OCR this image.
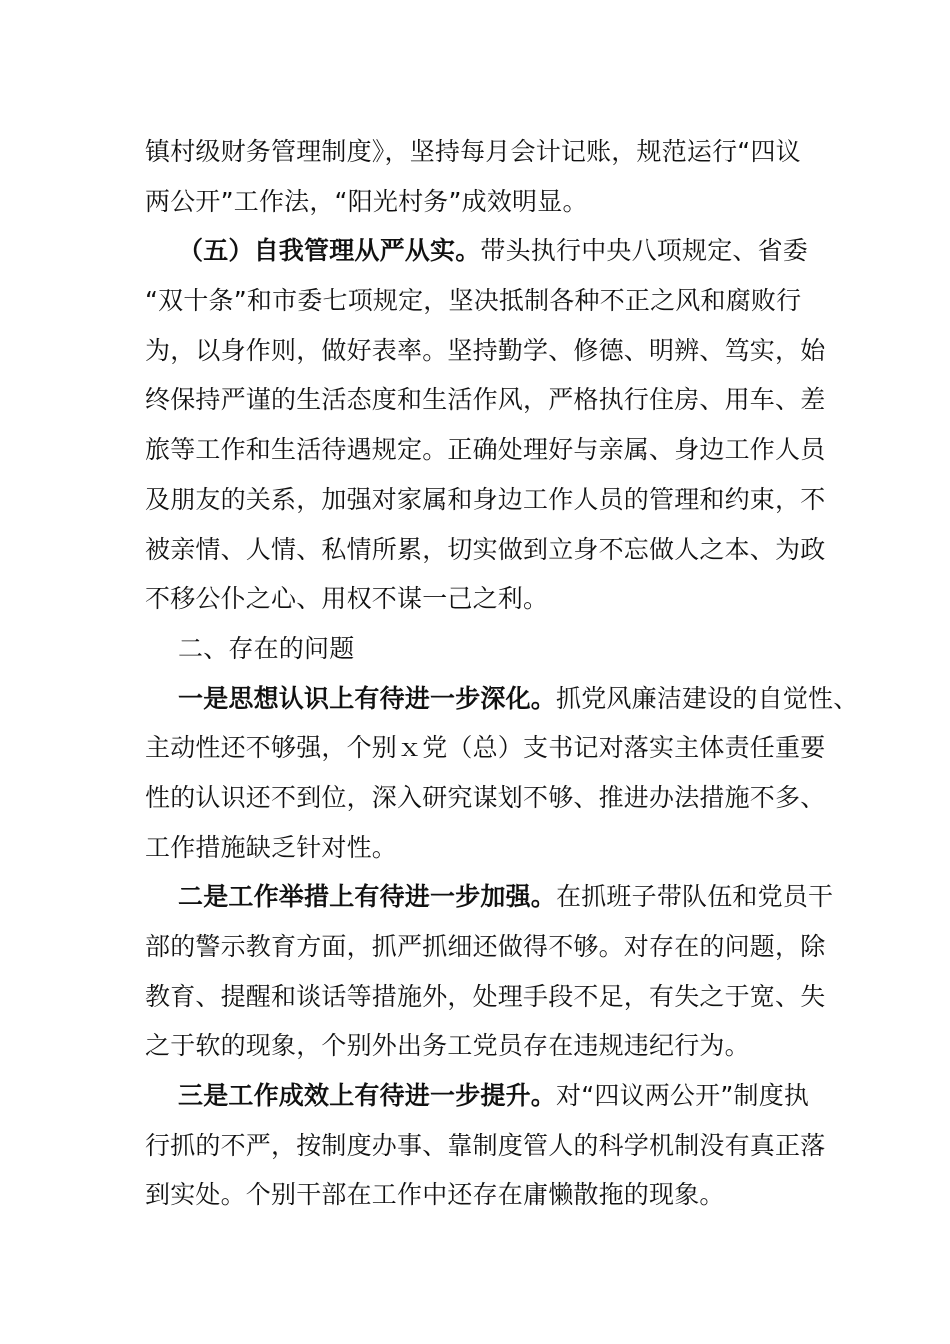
镇村级财务管理制度》，坚持每月会计记账，规范运行“四议
两公开”工作法，“阳光村务”成效明显。
（五）自我管理从严从实。带头执行中央八项规定、省委
“双十条”和市委七项规定，坚决抵制各种不正之风和腐败行
为，以身作则，做好表率。坚持勤学、修德、明辨、笃实，始
终保持严谨的生活态度和生活作风，严格执行住房、用车、差
旅等工作和生活待遇规定。正确处理好与亲属、身边工作人员
及朋友的关系，加强对家属和身边工作人员的管理和约束，不
被亲情、人情、私情所累，切实做到立身不忘做人之本、为政
不移公仆之心、用权不谋一己之利。
二、存在的问题
一是思想认识上有待进一步深化。抓党风廉洁建设的自觉性、
主动性还不够强，个别ｘ党（总）支书记对落实主体责任重要
性的认识还不到位，深入研究谋划不够、推进办法措施不多、
工作措施缺乏针对性。
二是工作举措上有待进一步加强。在抓班子带队伍和党员干
部的警示教育方面，抓严抓细还做得不够。对存在的问题，除
教育、提醒和谈话等措施外，处理手段不足，有失之于宽、失
之于软的现象，个别外出务工党员存在违规违纪行为。
三是工作成效上有待进一步提升。对“四议两公开”制度执
行抓的不严，按制度办事、靠制度管人的科学机制没有真正落
到实处。个别干部在工作中还存在庸懒散拖的现象。
